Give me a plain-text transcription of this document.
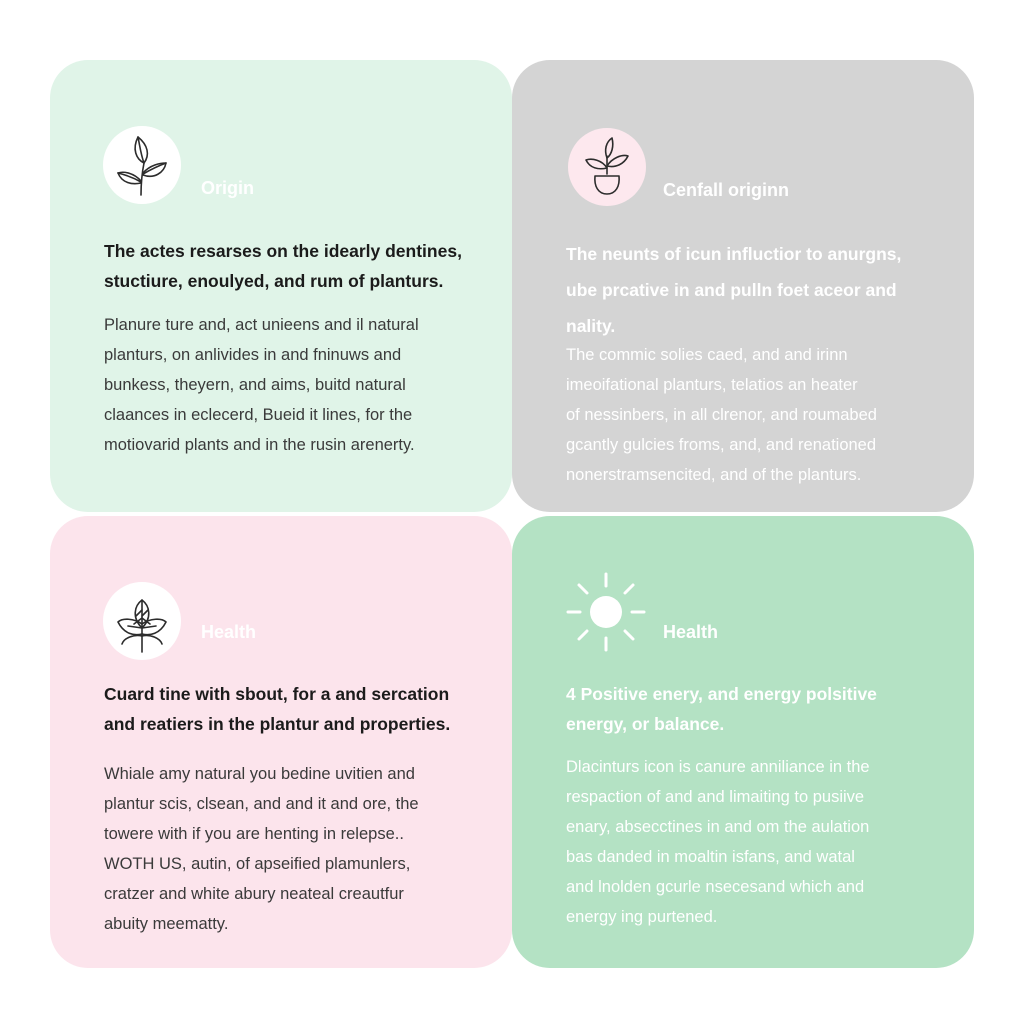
Origin

The actes resarses on the idearly dentines,
stuctiure, enoulyed, and rum of planturs.

Planure ture and, act unieens and il natural
planturs, on anlivides in and fninuws and
bunkess, theyern, and aims, buitd natural
claances in eclecerd, Bueid it lines, for the
motiovarid plants and in the rusin arenerty.

Cenfall originn

The neunts of icun influctior to anurgns,
ube prcative in and pulln foet aceor and
nality.

The commic solies caed, and and irinn
imeoifational planturs, telatios an heater
of nessinbers, in all clrenor, and roumabed
gcantly gulcies froms, and, and renationed
nonerstramsencited, and of the planturs.

Health

Cuard tine with sbout, for a and sercation
and reatiers in the plantur and properties.

Whiale amy natural you bedine uvitien and
plantur scis, clsean, and and it and ore, the
towere with if you are henting in relepse..
WOTH US, autin, of apseified plamunlers,
cratzer and white abury neateal creautfur
abuity meematty.

Health

4 Positive enery, and energy polsitive
energy, or balance.

Dlacinturs icon is canure anniliance in the
respaction of and and limaiting to pusiive
enary, absecctines in and om the aulation
bas danded in moaltin isfans, and watal
and lnolden gcurle nsecesand which and
energy ing purtened.
